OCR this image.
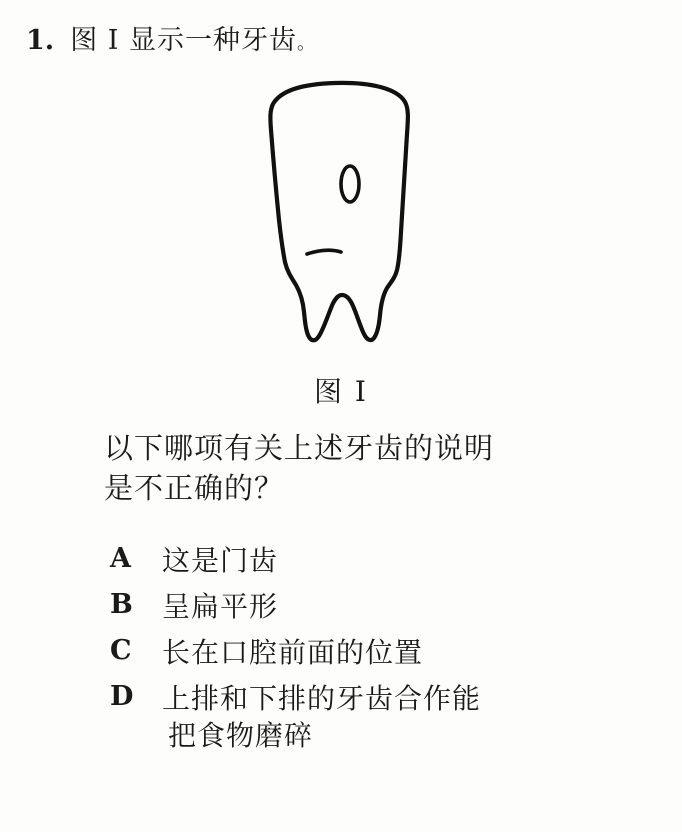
1. 图 I 显示一种牙齿。
图 I
以下哪项有关上述牙齿的说明
是不正确的？
A	这是门齿
B	呈扁平形
C	长在口腔前面的位置
D	上排和下排的牙齿合作能
把食物磨碎
